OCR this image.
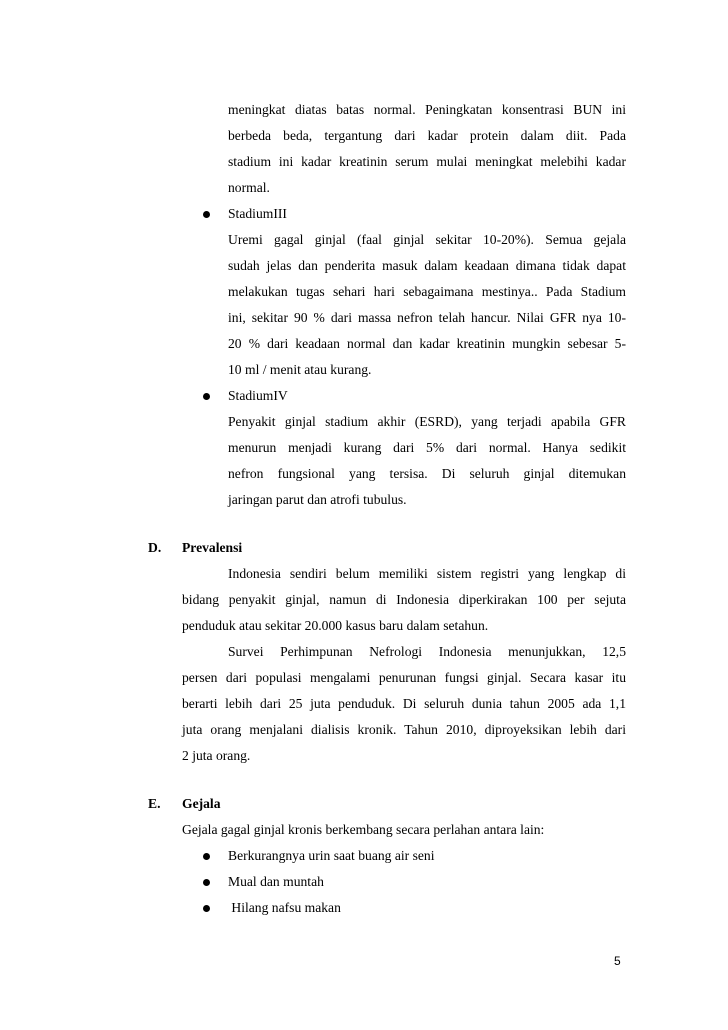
meningkat diatas batas normal. Peningkatan konsentrasi BUN ini
berbeda beda, tergantung dari kadar protein dalam diit. Pada
stadium ini kadar kreatinin serum mulai meningkat melebihi kadar
normal.
StadiumIII
Uremi gagal ginjal (faal ginjal sekitar 10-20%). Semua gejala
sudah jelas dan penderita masuk dalam keadaan dimana tidak dapat
melakukan tugas sehari hari sebagaimana mestinya.. Pada Stadium
ini, sekitar 90 % dari massa nefron telah hancur. Nilai GFR nya 10-
20 % dari keadaan normal dan kadar kreatinin mungkin sebesar 5-
10 ml / menit atau kurang.
StadiumIV
Penyakit ginjal stadium akhir (ESRD), yang terjadi apabila GFR
menurun menjadi kurang dari 5% dari normal. Hanya sedikit
nefron fungsional yang tersisa. Di seluruh ginjal ditemukan
jaringan parut dan atrofi tubulus.
D. Prevalensi
Indonesia sendiri belum memiliki sistem registri yang lengkap di
bidang penyakit ginjal, namun di Indonesia diperkirakan 100 per sejuta
penduduk atau sekitar 20.000 kasus baru dalam setahun.
Survei Perhimpunan Nefrologi Indonesia menunjukkan, 12,5
persen dari populasi mengalami penurunan fungsi ginjal. Secara kasar itu
berarti lebih dari 25 juta penduduk. Di seluruh dunia tahun 2005 ada 1,1
juta orang menjalani dialisis kronik. Tahun 2010, diproyeksikan lebih dari
2 juta orang.
E. Gejala
Gejala gagal ginjal kronis berkembang secara perlahan antara lain:
Berkurangnya urin saat buang air seni
Mual dan muntah
Hilang nafsu makan
5
